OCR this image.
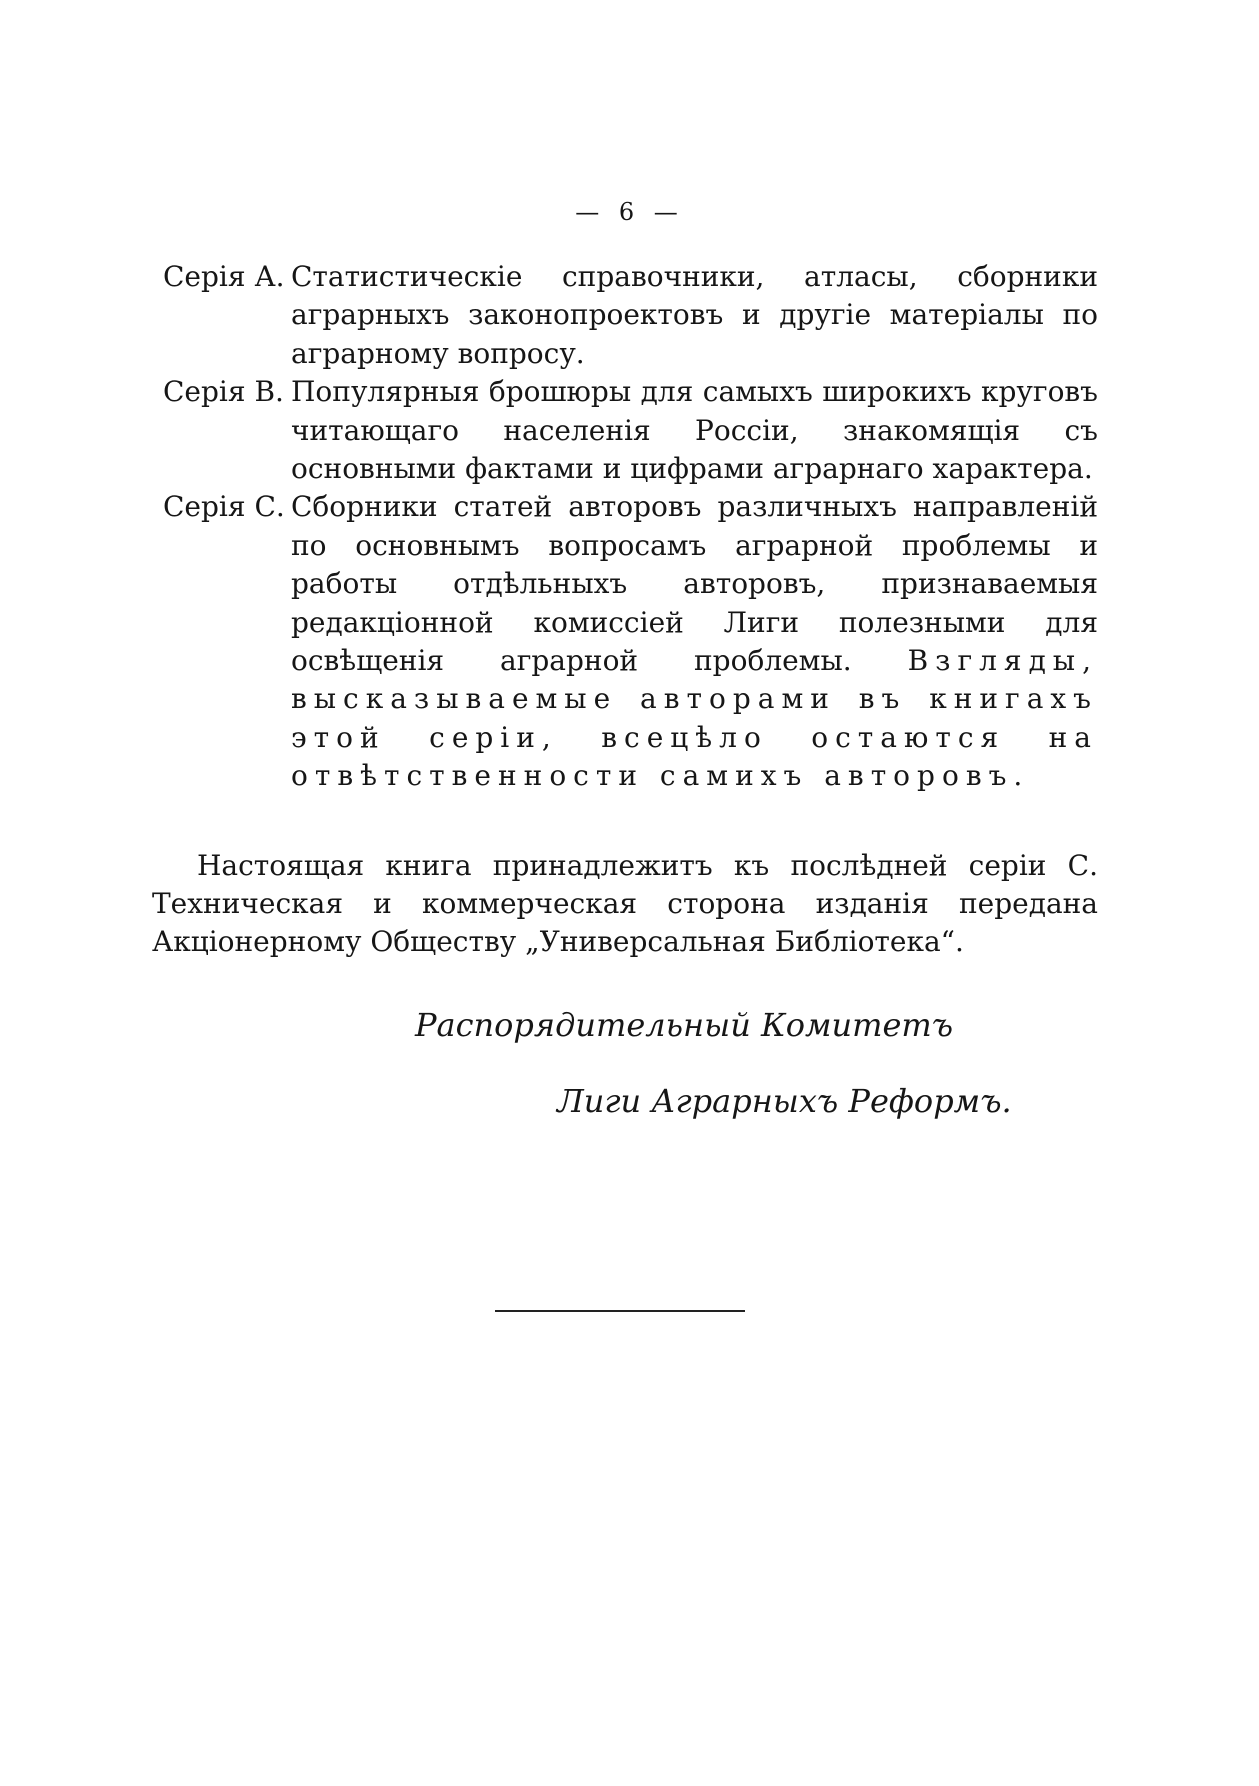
— 6 —

Серія А. Статистическіе справочники, атласы, сборники аграрныхъ законопроектовъ и другіе матеріалы по аграрному вопросу.

Серія В. Популярныя брошюры для самыхъ широкихъ круговъ читающаго населенія Россіи, знакомящія съ основными фактами и цифрами аграрнаго характера.

Серія С. Сборники статей авторовъ различныхъ направленій по основнымъ вопросамъ аграрной проблемы и работы отдѣльныхъ авторовъ, признаваемыя редакціонной комиссіей Лиги полезными для освѣщенія аграрной проблемы. Взгляды, высказываемые авторами въ книгахъ этой серіи, всецѣло остаются на отвѣтственности самихъ авторовъ.

Настоящая книга принадлежитъ къ послѣдней серіи С. Техническая и коммерческая сторона изданія передана Акціонерному Обществу „Универсальная Библіотека“.

Распорядительный Комитетъ
Лиги Аграрныхъ Реформъ.
